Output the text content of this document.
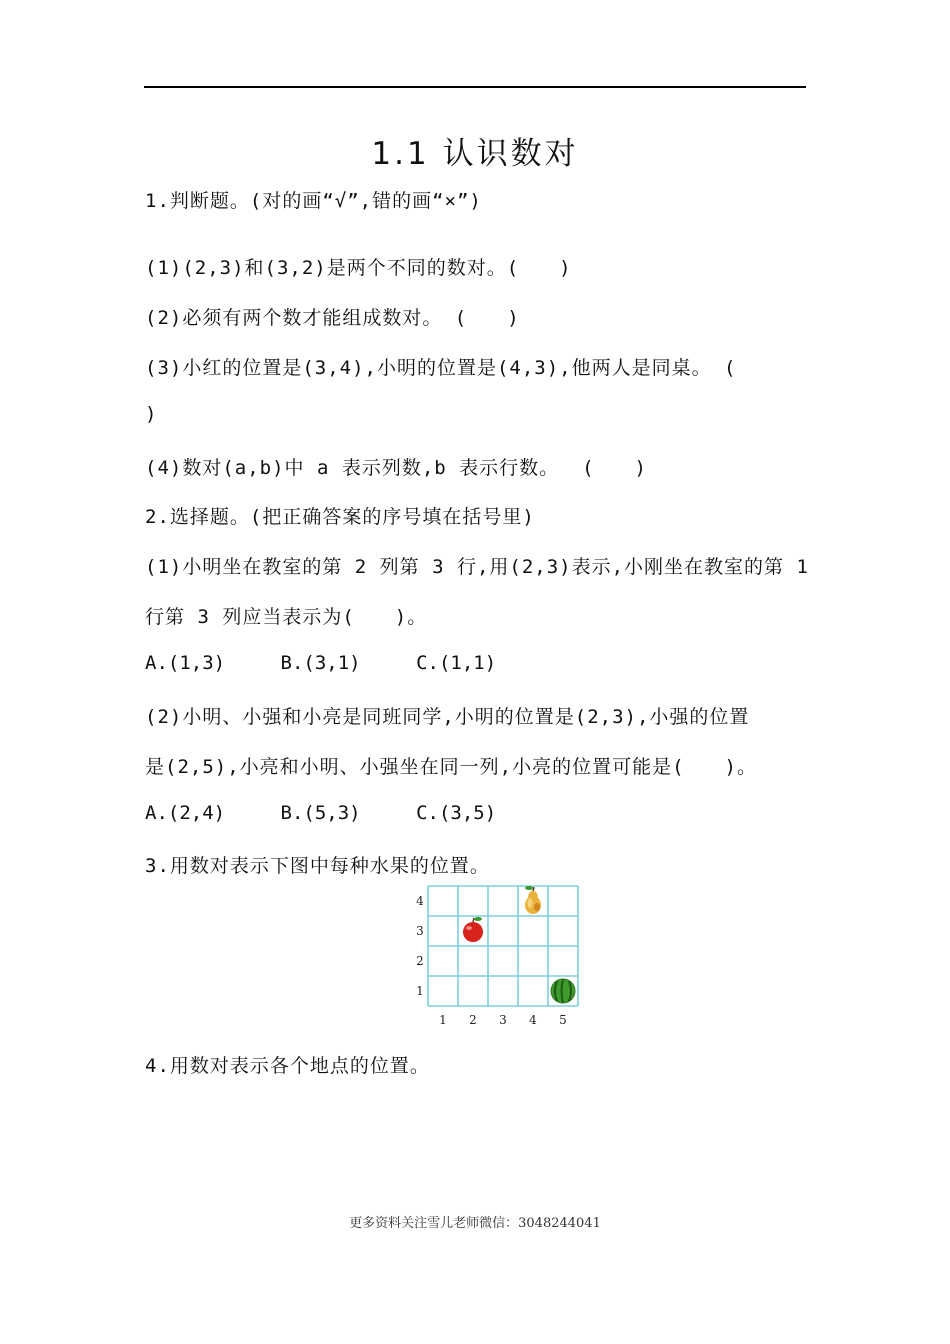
1.1 认识数对
1.判断题。(对的画“√”,错的画“×”)
(1)(2,3)和(3,2)是两个不同的数对。(　　)
(2)必须有两个数才能组成数对。 (　　)
(3)小红的位置是(3,4),小明的位置是(4,3),他两人是同桌。 (
)
(4)数对(a,b)中 a 表示列数,b 表示行数。　 (　　)
2.选择题。(把正确答案的序号填在括号里)
(1)小明坐在教室的第 2 列第 3 行,用(2,3)表示,小刚坐在教室的第 1
行第 3 列应当表示为(　　)。
A.(1,3)	B.(3,1)	C.(1,1)
(2)小明、小强和小亮是同班同学,小明的位置是(2,3),小强的位置
是(2,5),小亮和小明、小强坐在同一列,小亮的位置可能是(　　)。
A.(2,4)	B.(5,3)	C.(3,5)
3.用数对表示下图中每种水果的位置。
1 2 3 4 5
4
3
2
1
4.用数对表示各个地点的位置。
更多资料关注雪儿老师微信：3048244041
